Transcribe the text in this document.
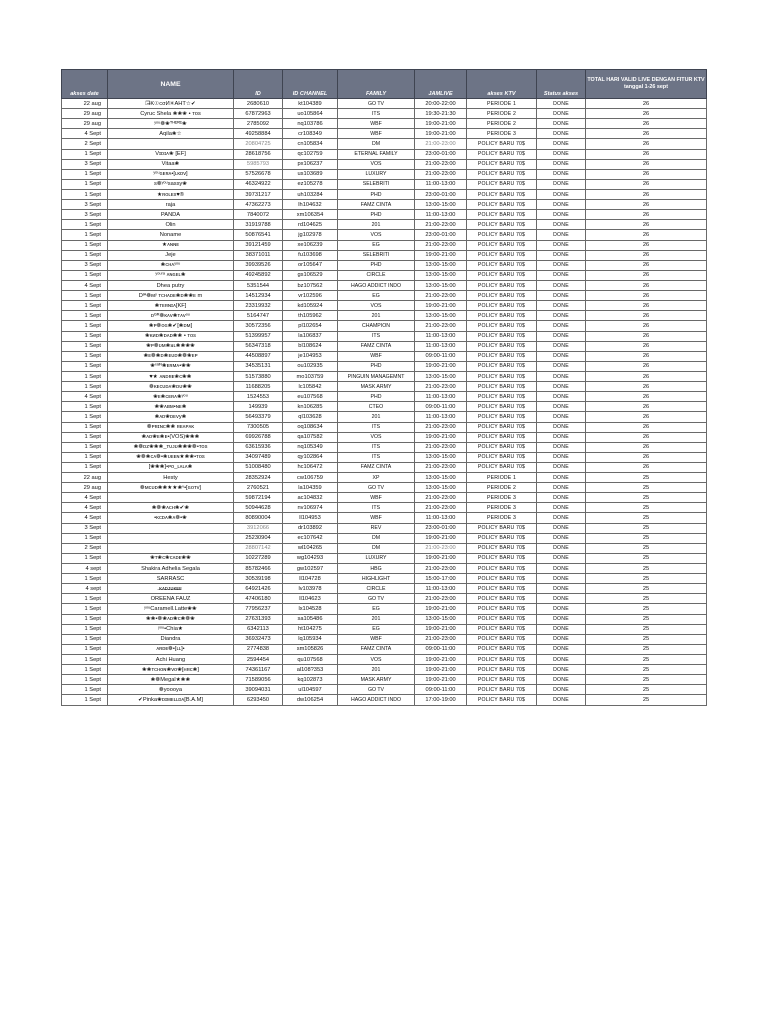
akses date	NAME	ID	ID CHANNEL	FAMILY	JAMLIVE	akses KTV	Status akses	TOTAL HARI VALID LIVE DENGAN FITUR KTV tanggal 1-26 sept
22 aug	❒̶K☉ᴄσИ✳АНТ☆✔	2680610	kt104389	GO TV	20:00-22:00	PERIODE 1	DONE	26
29 aug	Cyruc Shela ❀❀❀ • ᴛᴏѕ	67872963	uo105864	ITS	19:30-21:30	PERIODE 2	DONE	26
29 aug	ʸᵒᵘ❁❀ᵀᴴᴱᴿᴱ❀	2785092	nq103786	WBF	19:00-21:00	PERIODE 2	DONE	26
4 Sept	Aqila❀☆	49258884	cr108349	WBF	19:00-21:00	PERIODE 3	DONE	26
2 Sept		20804725	cn105834	DM	21:00-23:00	POLICY BARU 70$	DONE	26
1 Sept	Vɪᴅɪᴀ❀ [EF]	28618756	qc102759	ETERNAL FAMILY	23:00-01:00	POLICY BARU 70$	DONE	26
3 Sept	Vitaa❀	5985793	px106237	VOS	21:00-23:00	POLICY BARU 70$	DONE	26
1 Sept	ʸᵒᵘɢᴇʀᴀ•[ʟᴋᴅᴠ]	57526678	us103689	LUXURY	21:00-23:00	POLICY BARU 70$	DONE	26
1 Sept	s❁ʸᵒᵘsassy❀	46324922	ez105278	SELEBRITI	11:00-13:00	POLICY BARU 70$	DONE	26
1 Sept	★ʀᴏʟᴇs♥®	39731217	uh103284	PHD	23:00-01:00	POLICY BARU 70$	DONE	26
3 Sept	raja	47362273	lh104632	FAMZ CINTA	13:00-15:00	POLICY BARU 70$	DONE	26
3 Sept	PANDA	7840072	xm106354	PHD	11:00-13:00	POLICY BARU 70$	DONE	26
1 Sept	Olin	31919788	rd104625	201	21:00-23:00	POLICY BARU 70$	DONE	26
1 Sept	Noname	50876541	jg102978	VOS	23:00-01:00	POLICY BARU 70$	DONE	26
1 Sept	★ᴀɴɴᴇ	39121459	xe106239	EG	21:00-23:00	POLICY BARU 70$	DONE	26
1 Sept	Jeje	38371011	fu103698	SELEBRITI	19:00-21:00	POLICY BARU 70$	DONE	26
3 Sept	❀ᴄʜᴀʸᵒᵘ	39939526	or105647	PHD	13:00-15:00	POLICY BARU 70$	DONE	26
1 Sept	ʸᵒᵘʳᵃ ᴀɴɢᴇʟ❀	49245892	gs106529	CIRCLE	13:00-15:00	POLICY BARU 70$	DONE	26
4 Sept	Dhea putry	5351544	bz107562	HAGO ADDICT INDO	13:00-15:00	POLICY BARU 70$	DONE	26
1 Sept	Dᴵᴬ❁ᴍʸ ᴛᴄʜᴀᴅᴇ❀ᴅ❀❀ᴇ m	14512934	vr102596	EG	21:00-23:00	POLICY BARU 70$	DONE	26
1 Sept	❀ᴛᴇʀɴɪᴀ[KF]	23319932	kd105924	VOS	19:00-21:00	POLICY BARU 70$	DONE	26
1 Sept	ᴅᴳᴿ❁ᴋᴀᴠ❀ᴛᴀᴠᵒᵘ	5164747	th105962	201	13:00-15:00	POLICY BARU 70$	DONE	26
1 Sept	❀ᴘ❁ᴏɢ❀✔[❀ᴅᴍ]	30572356	pl102654	CHAMPION	21:00-23:00	POLICY BARU 70$	DONE	26
1 Sept	❀ᴋᴎᴅ❀ᴅᴀᴅ❀❀ • ᴛᴏѕ	51399957	la106837	ITS	11:00-13:00	POLICY BARU 70$	DONE	26
1 Sept	❀ᴘ❁ᴜᴍ❀ᴚʟ❀❀❀❀	56347318	bl108624	FAMZ CINTA	11:00-13:00	POLICY BARU 70$	DONE	26
1 Sept	❀ᴇ❁❀ᴅ❀ᴇᴜᴅ❀❁❀ᴇᴘ	44508897	je104953	WBF	09:00-11:00	POLICY BARU 70$	DONE	26
1 Sept	❀ʳᵃᴵᴺ❀ᴇʀᴍᴀ•❀❀	34535131	ou102935	PHD	19:00-21:00	POLICY BARU 70$	DONE	26
1 Sept	♥★ ᴀɴᴅʀᴇ❀ᴄ❀❀	51573880	mo103759	PINGUIN MANAGEMNT	13:00-15:00	POLICY BARU 70$	DONE	26
1 Sept	❁ᴋᴇᴄᴜᴅᴀ❀ᴅᴜ❀❀	11688205	lc105842	MASK ARMY	21:00-23:00	POLICY BARU 70$	DONE	26
4 Sept	❀ᴇ❀ᴄᴇʀᴀ❀ʸᵒᵘ	1524553	eu107568	PHD	11:00-13:00	POLICY BARU 70$	DONE	26
1 Sept	❀❀ᴀʙᴍ•ɴᴇ❀	149939	kn106285	CTEO	09:00-11:00	POLICY BARU 70$	DONE	26
1 Sept	❀ᴀᴅ❀ᴅᴇvy❀	56493379	ql103628	201	11:00-13:00	POLICY BARU 70$	DONE	26
1 Sept	❁ᴘʀɪɴᴄ❀❀ ʀᴇᴀᴘᴀᴋ	7300505	oq108634	ITS	21:00-23:00	POLICY BARU 70$	DONE	26
1 Sept	❀ᴀᴅ❀ᴇ❀ᴇ•(VOS)❀❀❀	69926788	qa107582	VOS	19:00-21:00	POLICY BARU 70$	DONE	26
1 Sept	❀❁ᴅᴢ❀❀❀_ᴛᴜᴊᴜ❀❀❀❁•ᴛᴏѕ	63615936	nq105349	ITS	21:00-23:00	POLICY BARU 70$	DONE	26
1 Sept	❀❁❀ᴄᴀ❁•❀ᴜᴇᴇɴ★❀❀•ᴛᴏѕ	34097489	qy102864	ITS	13:00-15:00	POLICY BARU 70$	DONE	26
1 Sept	[❀❀❀]•ᴘᴏ_ʟᴀʟᴀ❀	51008480	hc106472	FAMZ CINTA	21:00-23:00	POLICY BARU 70$	DONE	26
22 aug	Hesty	28352924	cw106759	XP	13:00-15:00	PERIODE 1	DONE	25
29 aug	❁ᴍᴄᴜᴅ❀❀★★❀ᵛ•[ɢᴏᴛᴠ]	2760521	la104359	GO TV	13:00-15:00	PERIODE 2	DONE	25
4 Sept		59872194	ac104832	WBF	21:00-23:00	PERIODE 3	DONE	25
4 Sept	❀❁❀ᴀᴄʜ❀✔❀	50944628	nv106974	ITS	21:00-23:00	PERIODE 3	DONE	25
4 Sept	•ᴋᴄᴅᴀ❀ᴀ❁•❀	80890004	ll104953	WBF	11:00-13:00	PERIODE 3	DONE	25
3 Sept		3912066	dr103892	REV	23:00-01:00	POLICY BARU 70$	DONE	25
1 Sept		25230904	ec107642	DM	19:00-21:00	POLICY BARU 70$	DONE	25
2 Sept		28807142	wl104265	DM	21:00-23:00	POLICY BARU 70$	DONE	25
1 Sept	❀ᴛ❀ᴄ❀ᴄᴀᴅᴇ❀❀	10227289	wg104293	LUXURY	19:00-21:00	POLICY BARU 70$	DONE	25
4 sept	Shakira Adhelia Segala	85782466	gw102597	HBG	21:00-23:00	POLICY BARU 70$	DONE	25
1 Sept	SARRASC	30539198	ll104728	HIGHLIGHT	15:00-17:00	POLICY BARU 70$	DONE	25
4 sept	̶ᴋ̶ᴀ̶ᴅ̶ᴊ̶ᴜ̶ᴋ̶ᴇ̶ᴇ	64921426	lv103978	CIRCLE	11:00-13:00	POLICY BARU 70$	DONE	25
1 Sept	OREENA FAUZ	47406180	ll104623	GO TV	21:00-23:00	POLICY BARU 70$	DONE	25
1 Sept	ʸᵒᵘCaramell.Latte❀❀	77956237	lx104528	EG	19:00-21:00	POLICY BARU 70$	DONE	25
1 Sept	❀❀•❁❀ᴀᴅ❀ᴄ❀❁❀	27631393	sa105486	201	13:00-15:00	POLICY BARU 70$	DONE	25
1 Sept	ʸᵒᵘ•Chia★	6342113	ht104275	EG	19:00-21:00	POLICY BARU 70$	DONE	25
1 Sept	Diandra	36932473	lq105934	WBF	21:00-23:00	POLICY BARU 70$	DONE	25
1 Sept	ᴀʀᴅᴇ❁•[ʟʟ]•	2774838	sm105826	FAMZ CINTA	09:00-11:00	POLICY BARU 70$	DONE	25
1 Sept	Achi Huang	2594454	qu107568	VOS	19:00-21:00	POLICY BARU 70$	DONE	25
1 Sept	❀❀ᴛᴄʜᴏɴ❀ᴠᴏ❀[ʜʀᴄ❀]	74361167	al108?353	201	19:00-21:00	POLICY BARU 70$	DONE	25
1 Sept	❀❁Megal★❀❀	71589056	kq102873	MASK ARMY	19:00-21:00	POLICY BARU 70$	DONE	25
1 Sept	❁yoooya	39094031	ul104597	GO TV	09:00-11:00	POLICY BARU 70$	DONE	25
1 Sept	✔Pinka❀ᴅɪᴍᴇʟʟᴅᴀ[B.A.M]	6293450	dw106254	HAGO ADDICT INDO	17:00-19:00	POLICY BARU 70$	DONE	25
